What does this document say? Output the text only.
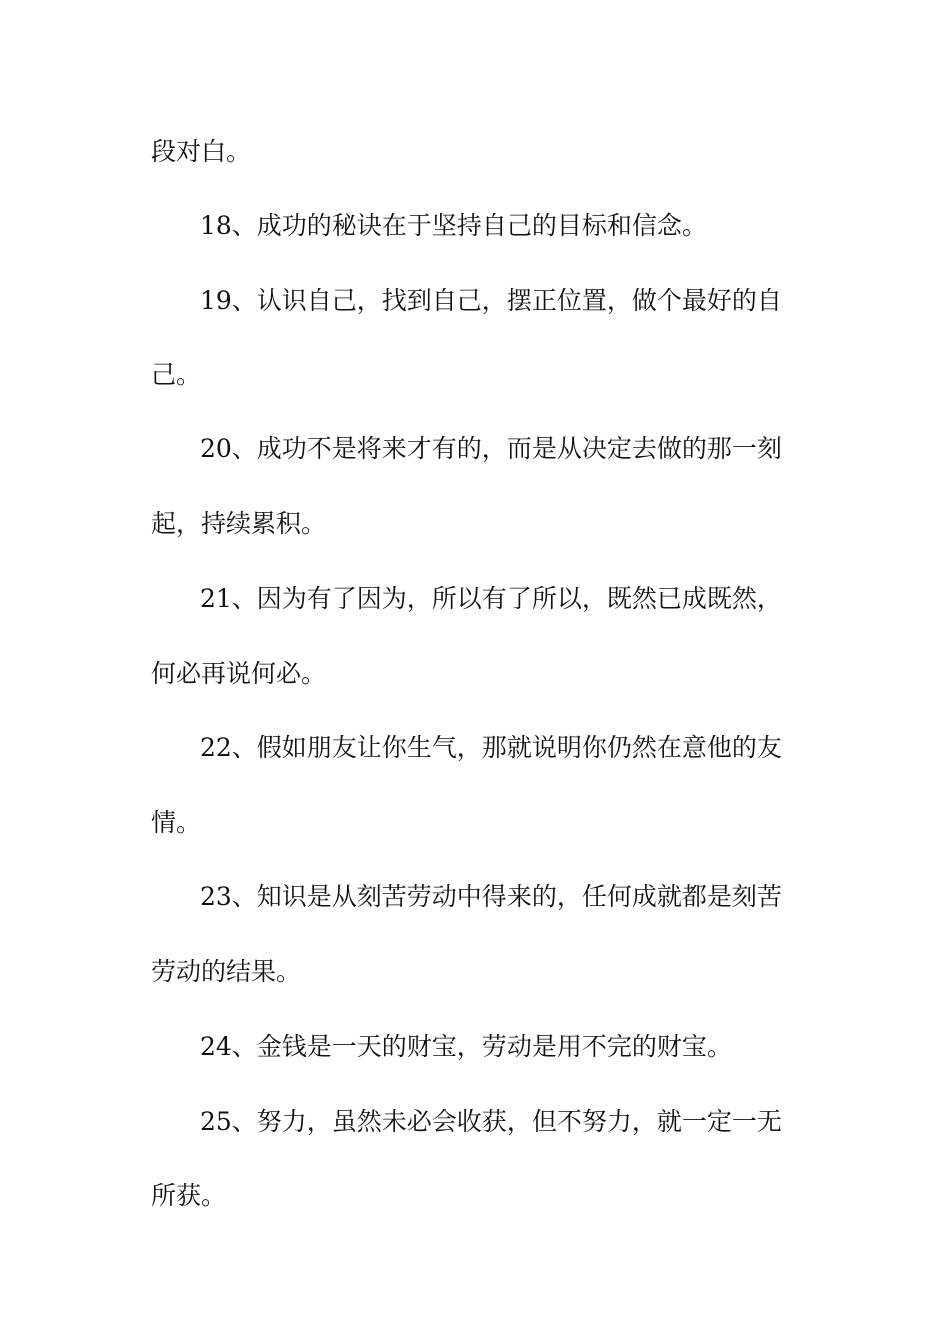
段对白。
18、成功的秘诀在于坚持自己的目标和信念。
19、认识自己，找到自己，摆正位置，做个最好的自
己。
20、成功不是将来才有的，而是从决定去做的那一刻
起，持续累积。
21、因为有了因为，所以有了所以，既然已成既然，
何必再说何必。
22、假如朋友让你生气，那就说明你仍然在意他的友
情。
23、知识是从刻苦劳动中得来的，任何成就都是刻苦
劳动的结果。
24、金钱是一天的财宝，劳动是用不完的财宝。
25、努力，虽然未必会收获，但不努力，就一定一无
所获。
